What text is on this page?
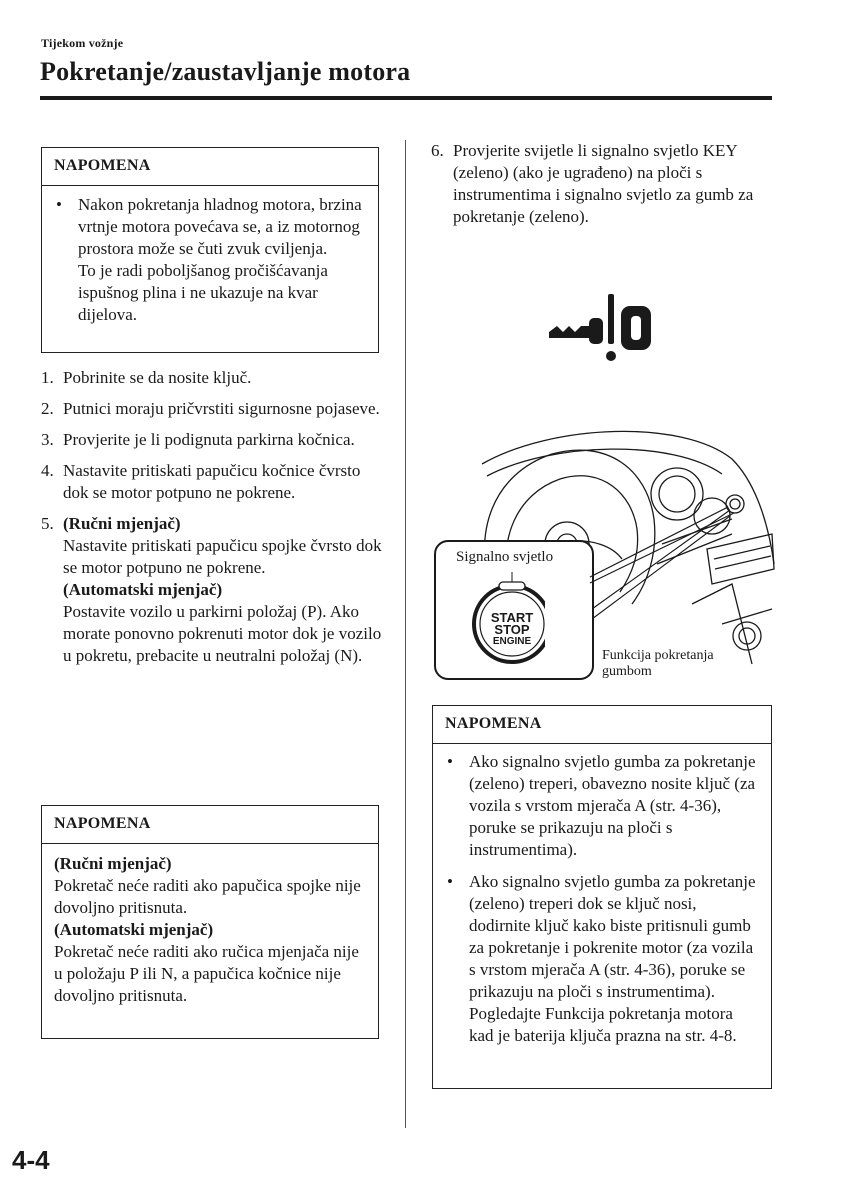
Tijekom vožnje
Pokretanje/zaustavljanje motora
NAPOMENA
• Nakon pokretanja hladnog motora, brzina vrtnje motora povećava se, a iz motornog prostora može se čuti zvuk cviljenja.
To je radi poboljšanog pročišćavanja ispušnog plina i ne ukazuje na kvar dijelova.
1. Pobrinite se da nosite ključ.
2. Putnici moraju pričvrstiti sigurnosne pojaseve.
3. Provjerite je li podignuta parkirna kočnica.
4. Nastavite pritiskati papučicu kočnice čvrsto dok se motor potpuno ne pokrene.
5. (Ručni mjenjač)
Nastavite pritiskati papučicu spojke čvrsto dok se motor potpuno ne pokrene.
(Automatski mjenjač)
Postavite vozilo u parkirni položaj (P). Ako morate ponovno pokrenuti motor dok je vozilo u pokretu, prebacite u neutralni položaj (N).
NAPOMENA
(Ručni mjenjač)
Pokretač neće raditi ako papučica spojke nije dovoljno pritisnuta.
(Automatski mjenjač)
Pokretač neće raditi ako ručica mjenjača nije u položaju P ili N, a papučica kočnice nije dovoljno pritisnuta.
6. Provjerite svijetle li signalno svjetlo KEY (zeleno) (ako je ugrađeno) na ploči s instrumentima i signalno svjetlo za gumb za pokretanje (zeleno).
Signalno svjetlo
START
STOP
ENGINE
Funkcija pokretanja gumbom
NAPOMENA
• Ako signalno svjetlo gumba za pokretanje (zeleno) treperi, obavezno nosite ključ (za vozila s vrstom mjerača A (str. 4-36), poruke se prikazuju na ploči s instrumentima).
• Ako signalno svjetlo gumba za pokretanje (zeleno) treperi dok se ključ nosi, dodirnite ključ kako biste pritisnuli gumb za pokretanje i pokrenite motor (za vozila s vrstom mjerača A (str. 4-36), poruke se prikazuju na ploči s instrumentima).
Pogledajte Funkcija pokretanja motora kad je baterija ključa prazna na str. 4-8.
4-4
